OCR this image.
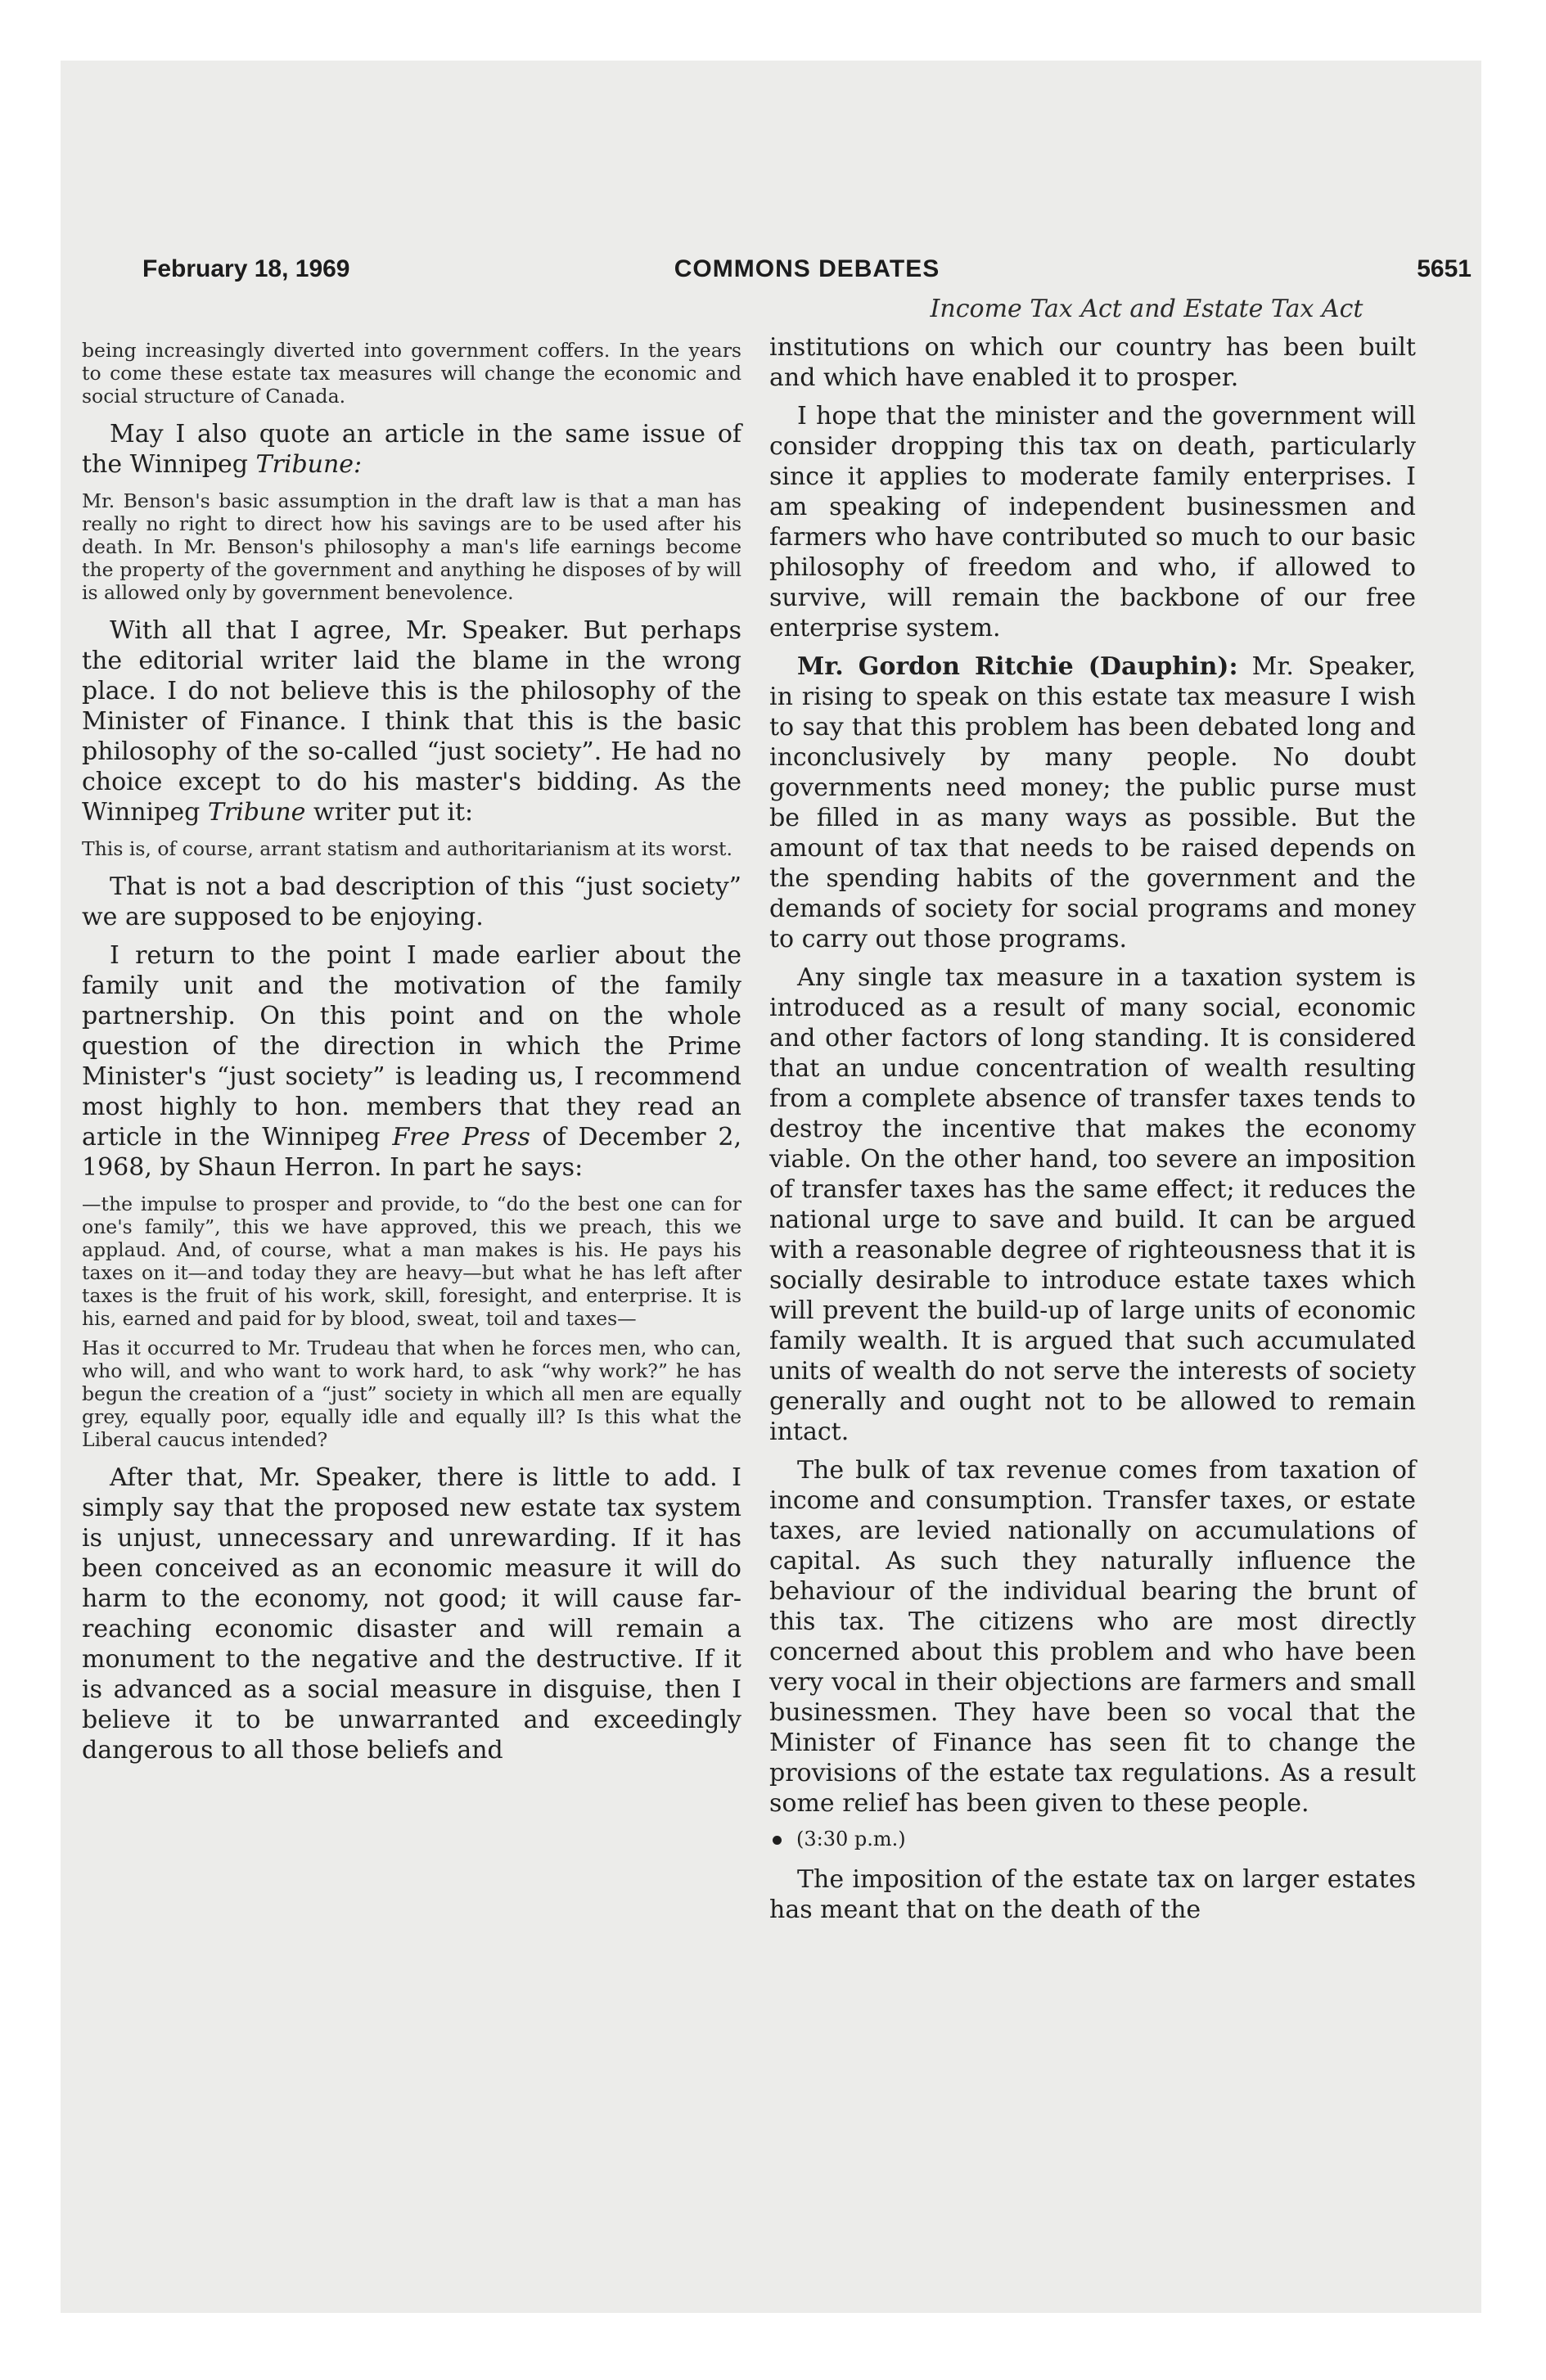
February 18, 1969	COMMONS DEBATES	5651
Income Tax Act and Estate Tax Act

being increasingly diverted into government coffers. In the years to come these estate tax measures will change the economic and social structure of Canada.

May I also quote an article in the same issue of the Winnipeg Tribune:

Mr. Benson's basic assumption in the draft law is that a man has really no right to direct how his savings are to be used after his death. In Mr. Benson's philosophy a man's life earnings become the property of the government and anything he disposes of by will is allowed only by government benevolence.

With all that I agree, Mr. Speaker. But perhaps the editorial writer laid the blame in the wrong place. I do not believe this is the philosophy of the Minister of Finance. I think that this is the basic philosophy of the so-called “just society”. He had no choice except to do his master's bidding. As the Winnipeg Tribune writer put it:

This is, of course, arrant statism and authoritarianism at its worst.

That is not a bad description of this “just society” we are supposed to be enjoying.

I return to the point I made earlier about the family unit and the motivation of the family partnership. On this point and on the whole question of the direction in which the Prime Minister's “just society” is leading us, I recommend most highly to hon. members that they read an article in the Winnipeg Free Press of December 2, 1968, by Shaun Herron. In part he says:

—the impulse to prosper and provide, to “do the best one can for one's family”, this we have approved, this we preach, this we applaud. And, of course, what a man makes is his. He pays his taxes on it—and today they are heavy—but what he has left after taxes is the fruit of his work, skill, foresight, and enterprise. It is his, earned and paid for by blood, sweat, toil and taxes—

Has it occurred to Mr. Trudeau that when he forces men, who can, who will, and who want to work hard, to ask “why work?” he has begun the creation of a “just” society in which all men are equally grey, equally poor, equally idle and equally ill? Is this what the Liberal caucus intended?

After that, Mr. Speaker, there is little to add. I simply say that the proposed new estate tax system is unjust, unnecessary and unrewarding. If it has been conceived as an economic measure it will do harm to the economy, not good; it will cause far-reaching economic disaster and will remain a monument to the negative and the destructive. If it is advanced as a social measure in disguise, then I believe it to be unwarranted and exceedingly dangerous to all those beliefs and

institutions on which our country has been built and which have enabled it to prosper.

I hope that the minister and the government will consider dropping this tax on death, particularly since it applies to moderate family enterprises. I am speaking of independent businessmen and farmers who have contributed so much to our basic philosophy of freedom and who, if allowed to survive, will remain the backbone of our free enterprise system.

Mr. Gordon Ritchie (Dauphin): Mr. Speaker, in rising to speak on this estate tax measure I wish to say that this problem has been debated long and inconclusively by many people. No doubt governments need money; the public purse must be filled in as many ways as possible. But the amount of tax that needs to be raised depends on the spending habits of the government and the demands of society for social programs and money to carry out those programs.

Any single tax measure in a taxation system is introduced as a result of many social, economic and other factors of long standing. It is considered that an undue concentration of wealth resulting from a complete absence of transfer taxes tends to destroy the incentive that makes the economy viable. On the other hand, too severe an imposition of transfer taxes has the same effect; it reduces the national urge to save and build. It can be argued with a reasonable degree of righteousness that it is socially desirable to introduce estate taxes which will prevent the build-up of large units of economic family wealth. It is argued that such accumulated units of wealth do not serve the interests of society generally and ought not to be allowed to remain intact.

The bulk of tax revenue comes from taxation of income and consumption. Transfer taxes, or estate taxes, are levied nationally on accumulations of capital. As such they naturally influence the behaviour of the individual bearing the brunt of this tax. The citizens who are most directly concerned about this problem and who have been very vocal in their objections are farmers and small businessmen. They have been so vocal that the Minister of Finance has seen fit to change the provisions of the estate tax regulations. As a result some relief has been given to these people.

(3:30 p.m.)

The imposition of the estate tax on larger estates has meant that on the death of the
